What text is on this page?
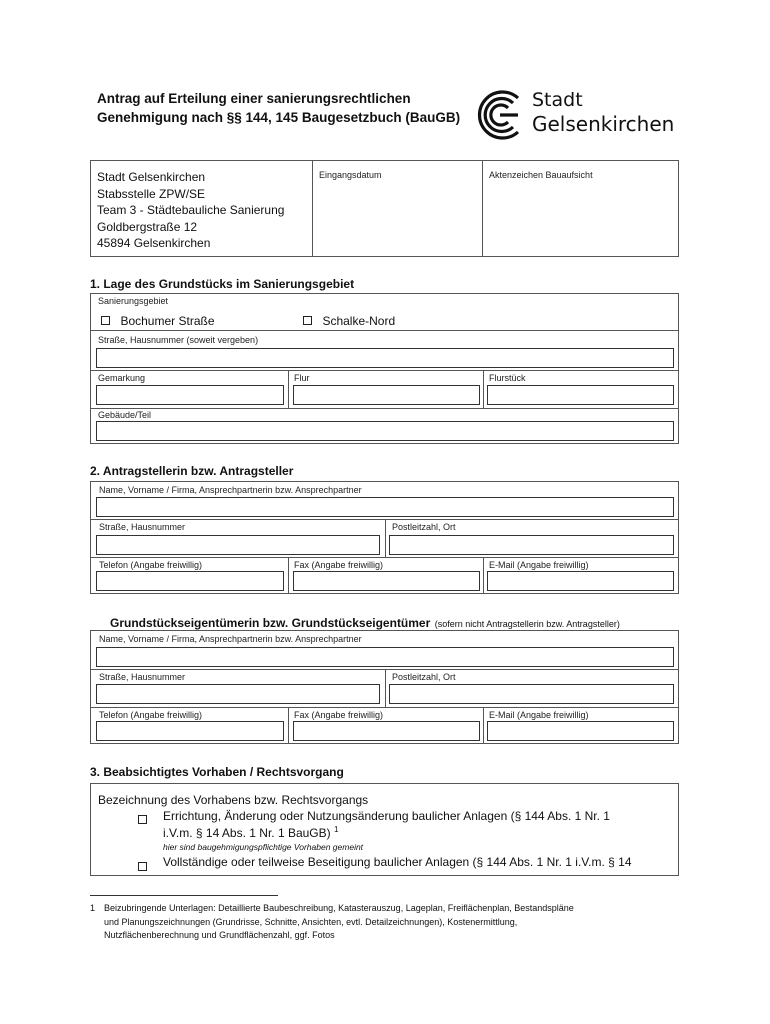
Antrag auf Erteilung einer sanierungsrechtlichen
Genehmigung nach §§ 144, 145 Baugesetzbuch (BauGB)
Stadt
Gelsenkirchen
Stadt Gelsenkirchen
Stabsstelle ZPW/SE
Team 3 - Städtebauliche Sanierung
Goldbergstraße 12
45894 Gelsenkirchen
Eingangsdatum	Aktenzeichen Bauaufsicht
1. Lage des Grundstücks im Sanierungsgebiet
Sanierungsgebiet
Bochumer Straße	Schalke-Nord
Straße, Hausnummer (soweit vergeben)
Gemarkung	Flur	Flurstück
Gebäude/Teil
2. Antragstellerin bzw. Antragsteller
Name, Vorname / Firma, Ansprechpartnerin bzw. Ansprechpartner
Straße, Hausnummer	Postleitzahl, Ort
Telefon (Angabe freiwillig)	Fax (Angabe freiwillig)	E-Mail (Angabe freiwillig)
Grundstückseigentümerin bzw. Grundstückseigentümer (sofern nicht Antragstellerin bzw. Antragsteller)
Name, Vorname / Firma, Ansprechpartnerin bzw. Ansprechpartner
Straße, Hausnummer	Postleitzahl, Ort
Telefon (Angabe freiwillig)	Fax (Angabe freiwillig)	E-Mail (Angabe freiwillig)
3. Beabsichtigtes Vorhaben / Rechtsvorgang
Bezeichnung des Vorhabens bzw. Rechtsvorgangs
Errichtung, Änderung oder Nutzungsänderung baulicher Anlagen (§ 144 Abs. 1 Nr. 1
i.V.m. § 14 Abs. 1 Nr. 1 BauGB) $^1$
hier sind baugehmigungspflichtige Vorhaben gemeint
Vollständige oder teilweise Beseitigung baulicher Anlagen (§ 144 Abs. 1 Nr. 1 i.V.m. § 14
1 Beizubringende Unterlagen: Detaillierte Baubeschreibung, Katasterauszug, Lageplan, Freiflächenplan, Bestandspläne
und Planungszeichnungen (Grundrisse, Schnitte, Ansichten, evtl. Detailzeichnungen), Kostenermittlung,
Nutzflächenberechnung und Grundflächenzahl, ggf. Fotos
